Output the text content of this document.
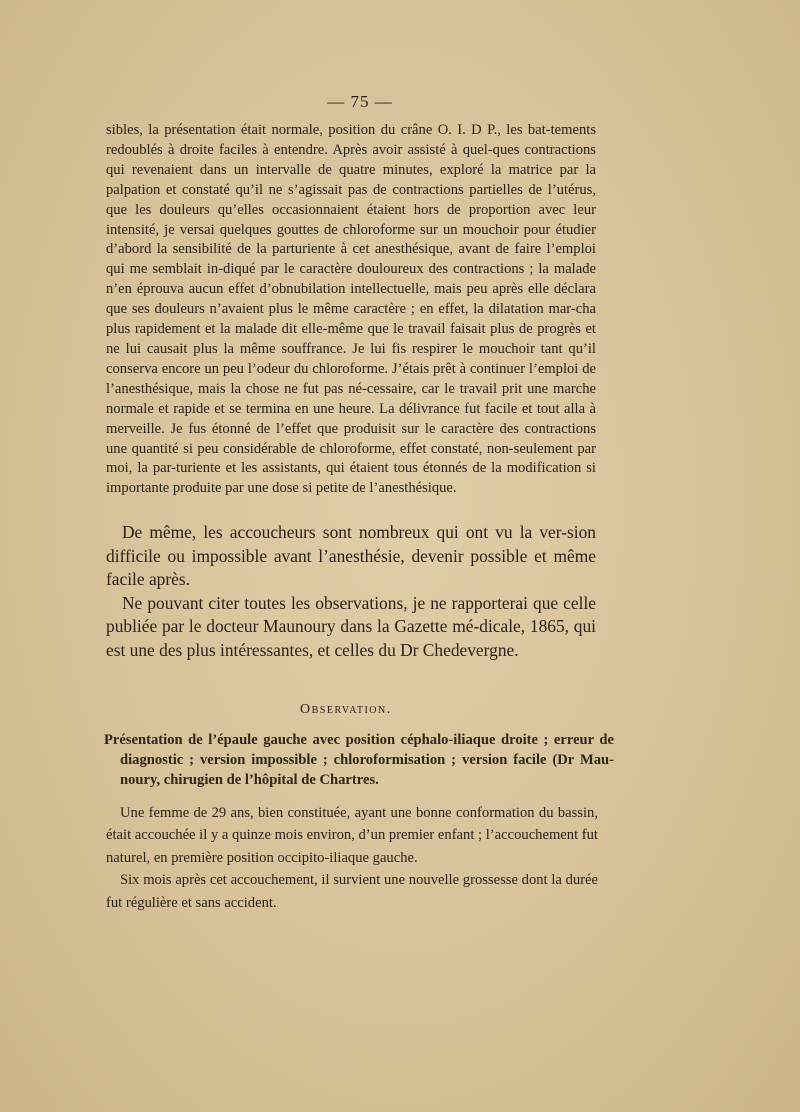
— 75 —

sibles, la présentation était normale, position du crâne O. I. D P., les bat-tements redoublés à droite faciles à entendre. Après avoir assisté à quel-ques contractions qui revenaient dans un intervalle de quatre minutes, exploré la matrice par la palpation et constaté qu’il ne s’agissait pas de contractions partielles de l’utérus, que les douleurs qu’elles occasionnaient étaient hors de proportion avec leur intensité, je versai quelques gouttes de chloroforme sur un mouchoir pour étudier d’abord la sensibilité de la parturiente à cet anesthésique, avant de faire l’emploi qui me semblait in-diqué par le caractère douloureux des contractions ; la malade n’en éprouva aucun effet d’obnubilation intellectuelle, mais peu après elle déclara que ses douleurs n’avaient plus le même caractère ; en effet, la dilatation mar-cha plus rapidement et la malade dit elle-même que le travail faisait plus de progrès et ne lui causait plus la même souffrance. Je lui fis respirer le mouchoir tant qu’il conserva encore un peu l’odeur du chloroforme. J’étais prêt à continuer l’emploi de l’anesthésique, mais la chose ne fut pas né-cessaire, car le travail prit une marche normale et rapide et se termina en une heure. La délivrance fut facile et tout alla à merveille. Je fus étonné de l’effet que produisit sur le caractère des contractions une quantité si peu considérable de chloroforme, effet constaté, non-seulement par moi, la par-turiente et les assistants, qui étaient tous étonnés de la modification si importante produite par une dose si petite de l’anesthésique.

De même, les accoucheurs sont nombreux qui ont vu la ver-sion difficile ou impossible avant l’anesthésie, devenir possible et même facile après.

Ne pouvant citer toutes les observations, je ne rapporterai que celle publiée par le docteur Maunoury dans la Gazette mé-dicale, 1865, qui est une des plus intéressantes, et celles du Dr Chedevergne.

Observation.

Présentation de l’épaule gauche avec position céphalo-iliaque droite ; erreur de diagnostic ; version impossible ; chloroformisation ; version facile (Dr Mau-noury, chirugien de l’hôpital de Chartres.

Une femme de 29 ans, bien constituée, ayant une bonne conformation du bassin, était accouchée il y a quinze mois environ, d’un premier enfant ; l’accouchement fut naturel, en première position occipito-iliaque gauche.

Six mois après cet accouchement, il survient une nouvelle grossesse dont la durée fut régulière et sans accident.
